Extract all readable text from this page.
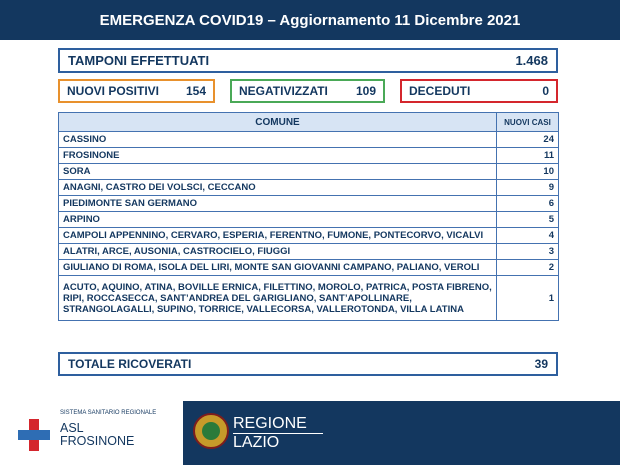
EMERGENZA COVID19 – Aggiornamento 11 Dicembre 2021
TAMPONI EFFETTUATI	1.468
NUOVI POSITIVI 154	NEGATIVIZZATI 109	DECEDUTI	0
COMUNE	NUOVI CASI
CASSINO	24
FROSINONE	11
SORA	10
ANAGNI, CASTRO DEI VOLSCI, CECCANO	9
PIEDIMONTE SAN GERMANO	6
ARPINO	5
CAMPOLI APPENNINO, CERVARO, ESPERIA, FERENTNO, FUMONE, PONTECORVO, VICALVI	4
ALATRI, ARCE, AUSONIA, CASTROCIELO, FIUGGI	3
GIULIANO DI ROMA, ISOLA DEL LIRI, MONTE SAN GIOVANNI CAMPANO, PALIANO, VEROLI	2
ACUTO, AQUINO, ATINA, BOVILLE ERNICA, FILETTINO, MOROLO, PATRICA, POSTA FIBRENO, RIPI, ROCCASECCA, SANT’ANDREA DEL GARIGLIANO, SANT’APOLLINARE, STRANGOLAGALLI, SUPINO, TORRICE, VALLECORSA, VALLEROTONDA, VILLA LATINA	1
TOTALE RICOVERATI	39
SISTEMA SANITARIO REGIONALE
ASL
FROSINONE
REGIONE
LAZIO
